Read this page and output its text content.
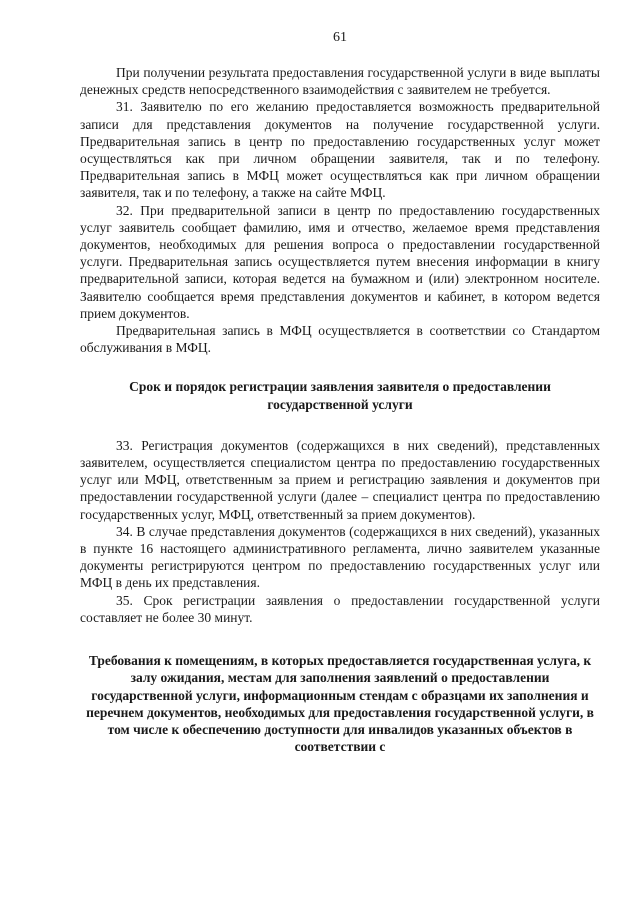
61

При получении результата предоставления государственной услуги в виде выплаты денежных средств непосредственного взаимодействия с заявителем не требуется.

31. Заявителю по его желанию предоставляется возможность предварительной записи для представления документов на получение государственной услуги. Предварительная запись в центр по предоставлению государственных услуг может осуществляться как при личном обращении заявителя, так и по телефону. Предварительная запись в МФЦ может осуществляться как при личном обращении заявителя, так и по телефону, а также на сайте МФЦ.

32. При предварительной записи в центр по предоставлению государственных услуг заявитель сообщает фамилию, имя и отчество, желаемое время представления документов, необходимых для решения вопроса о предоставлении государственной услуги. Предварительная запись осуществляется путем внесения информации в книгу предварительной записи, которая ведется на бумажном и (или) электронном носителе. Заявителю сообщается время представления документов и кабинет, в котором ведется прием документов.

Предварительная запись в МФЦ осуществляется в соответствии со Стандартом обслуживания в МФЦ.

Срок и порядок регистрации заявления заявителя о предоставлении государственной услуги

33. Регистрация документов (содержащихся в них сведений), представленных заявителем, осуществляется специалистом центра по предоставлению государственных услуг или МФЦ, ответственным за прием и регистрацию заявления и документов при предоставлении государственной услуги (далее – специалист центра по предоставлению государственных услуг, МФЦ, ответственный за прием документов).

34. В случае представления документов (содержащихся в них сведений), указанных в пункте 16 настоящего административного регламента, лично заявителем указанные документы регистрируются центром по предоставлению государственных услуг или МФЦ в день их представления.

35. Срок регистрации заявления о предоставлении государственной услуги составляет не более 30 минут.

Требования к помещениям, в которых предоставляется государственная услуга, к залу ожидания, местам для заполнения заявлений о предоставлении государственной услуги, информационным стендам с образцами их заполнения и перечнем документов, необходимых для предоставления государственной услуги, в том числе к обеспечению доступности для инвалидов указанных объектов в соответствии с
